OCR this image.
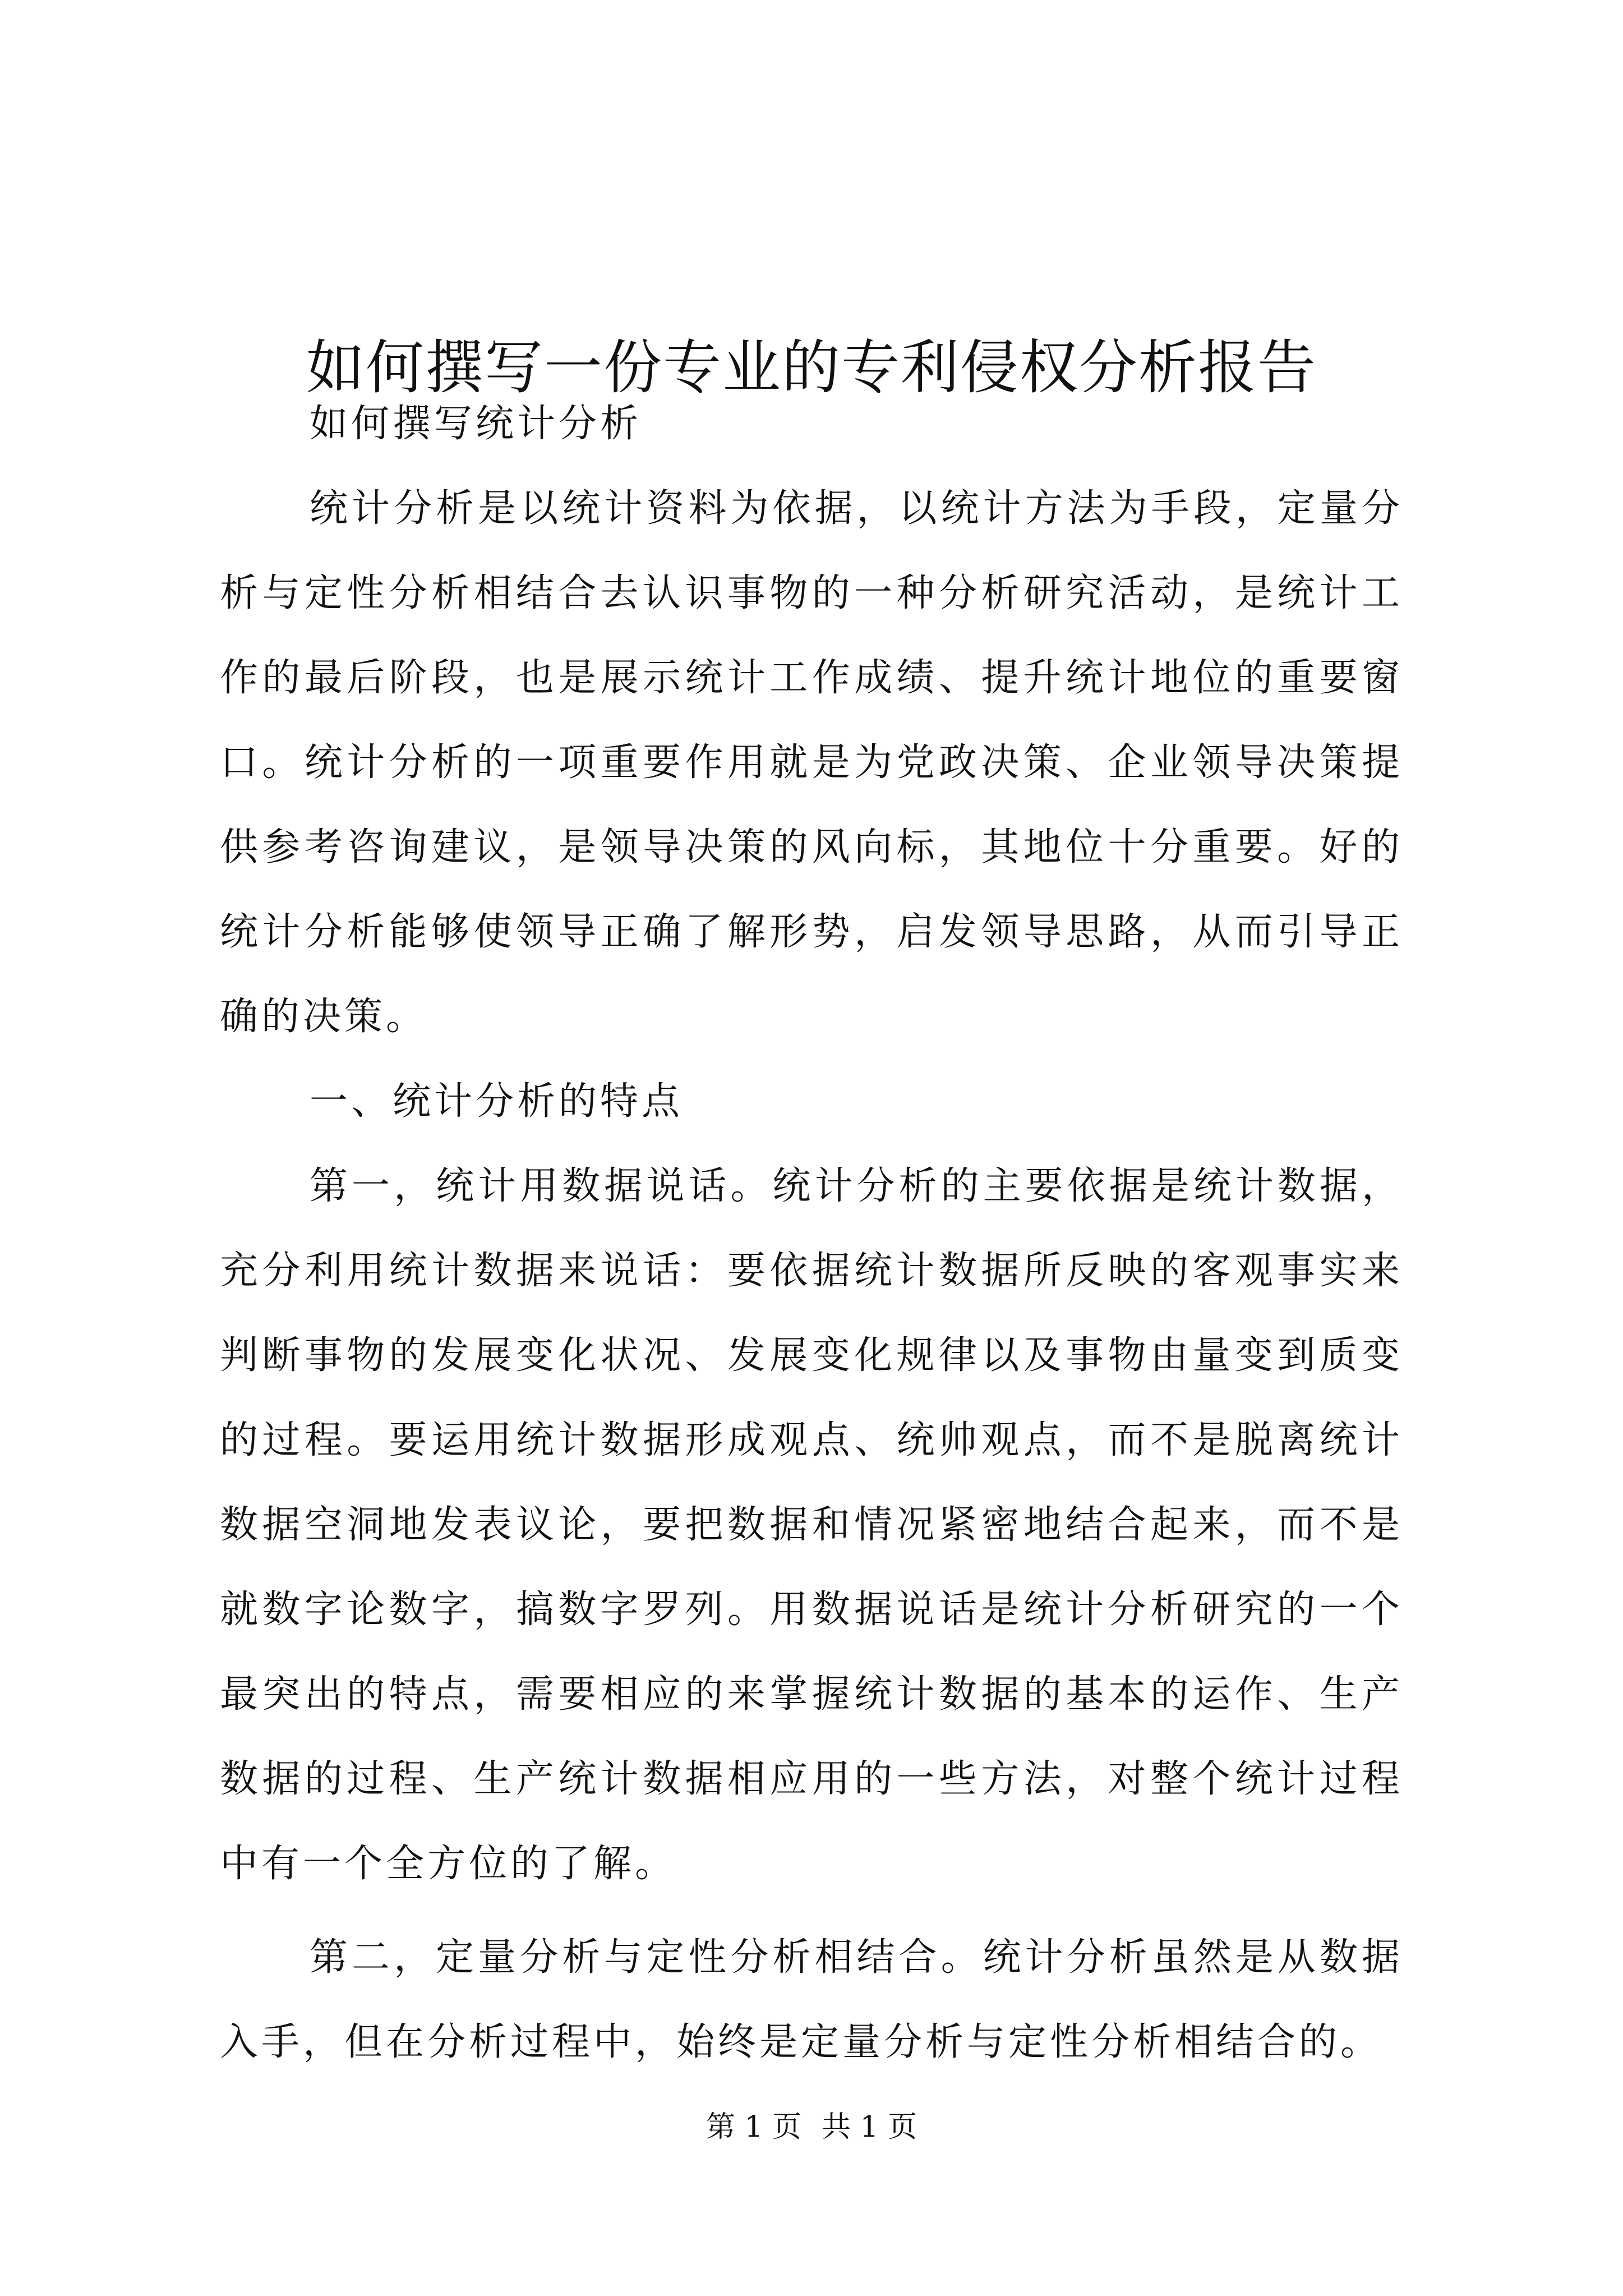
如何撰写一份专业的专利侵权分析报告

如何撰写统计分析

统计分析是以统计资料为依据，以统计方法为手段，定量分析与定性分析相结合去认识事物的一种分析研究活动，是统计工作的最后阶段，也是展示统计工作成绩、提升统计地位的重要窗口。统计分析的一项重要作用就是为党政决策、企业领导决策提供参考咨询建议，是领导决策的风向标，其地位十分重要。好的统计分析能够使领导正确了解形势，启发领导思路，从而引导正确的决策。

一、统计分析的特点

第一，统计用数据说话。统计分析的主要依据是统计数据，充分利用统计数据来说话：要依据统计数据所反映的客观事实来判断事物的发展变化状况、发展变化规律以及事物由量变到质变的过程。要运用统计数据形成观点、统帅观点，而不是脱离统计数据空洞地发表议论，要把数据和情况紧密地结合起来，而不是就数字论数字，搞数字罗列。用数据说话是统计分析研究的一个最突出的特点，需要相应的来掌握统计数据的基本的运作、生产数据的过程、生产统计数据相应用的一些方法，对整个统计过程中有一个全方位的了解。

第二，定量分析与定性分析相结合。统计分析虽然是从数据入手，但在分析过程中，始终是定量分析与定性分析相结合的。

第 1 页 共 1 页
